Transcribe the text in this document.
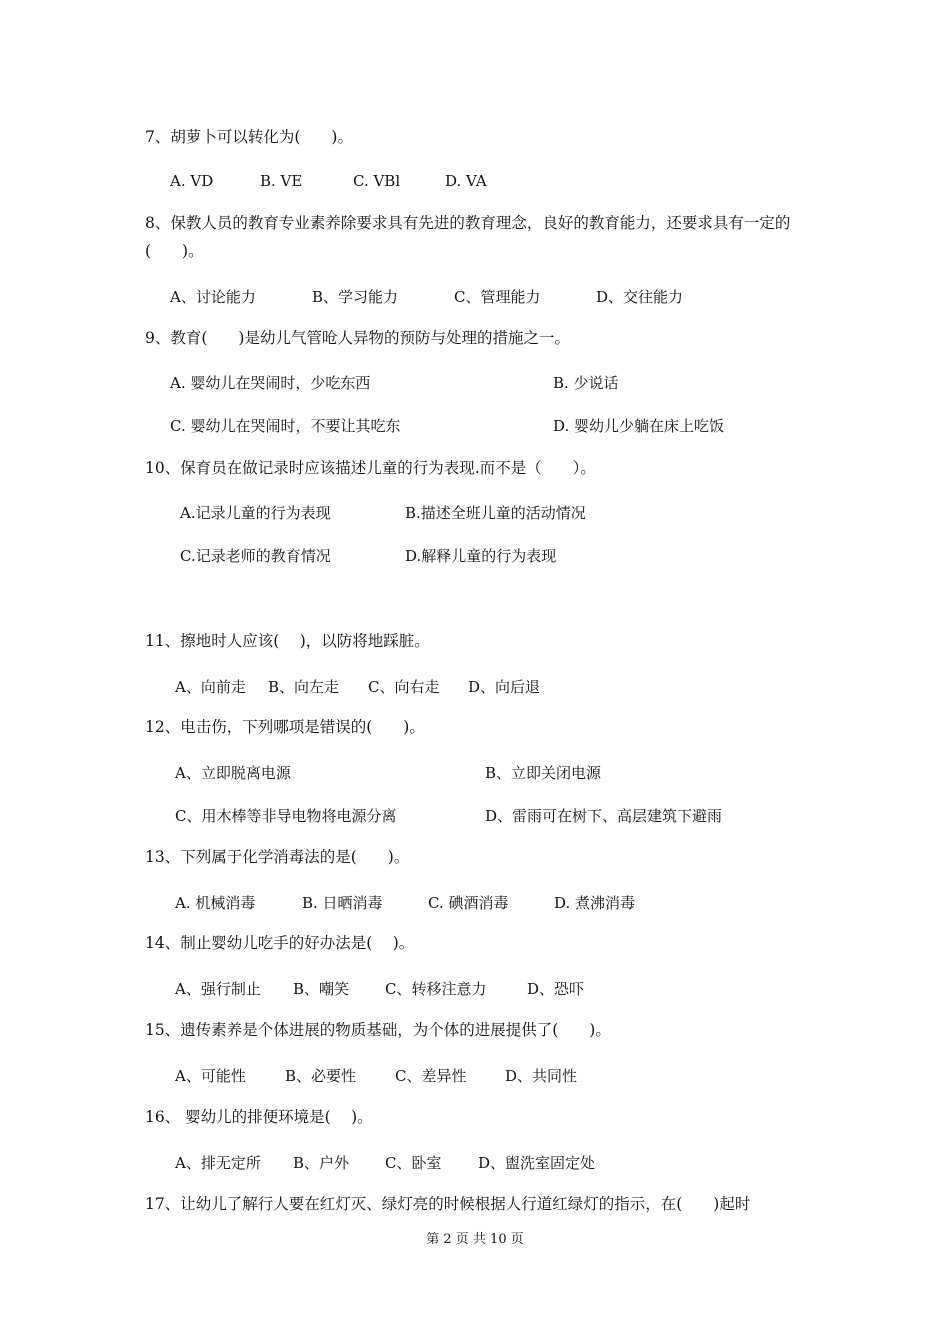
7、胡萝卜可以转化为(　　)。
A. VD	B. VE	C. VBl	D. VA
8、保教人员的教育专业素养除要求具有先进的教育理念，良好的教育能力，还要求具有一定的(　　)。
A、讨论能力	B、学习能力	C、管理能力	D、交往能力
9、教育(　　)是幼儿气管呛人异物的预防与处理的措施之一。
A. 婴幼儿在哭闹时，少吃东西	B. 少说话
C. 婴幼儿在哭闹时，不要让其吃东	D. 婴幼儿少躺在床上吃饭
10、保育员在做记录时应该描述儿童的行为表现.而不是（　　）。
A.记录儿童的行为表现	B.描述全班儿童的活动情况
C.记录老师的教育情况	D.解释儿童的行为表现
11、擦地时人应该(　 )，以防将地踩脏。
A、向前走 B、向左走 C、向右走 D、向后退
12、电击伤，下列哪项是错误的(　　)。
A、立即脱离电源	B、立即关闭电源
C、用木棒等非导电物将电源分离	D、雷雨可在树下、高层建筑下避雨
13、下列属于化学消毒法的是(　　)。
A. 机械消毒	B. 日晒消毒	C. 碘酒消毒	D. 煮沸消毒
14、制止婴幼儿吃手的好办法是(　 )。
A、强行制止 B、嘲笑 C、转移注意力	D、恐吓
15、遗传素养是个体进展的物质基础，为个体的进展提供了(　　)。
A、可能性	B、必要性	C、差异性	D、共同性
16、 婴幼儿的排便环境是(　 )。
A、排无定所 B、户外 C、卧室 D、盥洗室固定处
17、让幼儿了解行人要在红灯灭、绿灯亮的时候根据人行道红绿灯的指示，在(　　)起时
第 2 页 共 10 页
